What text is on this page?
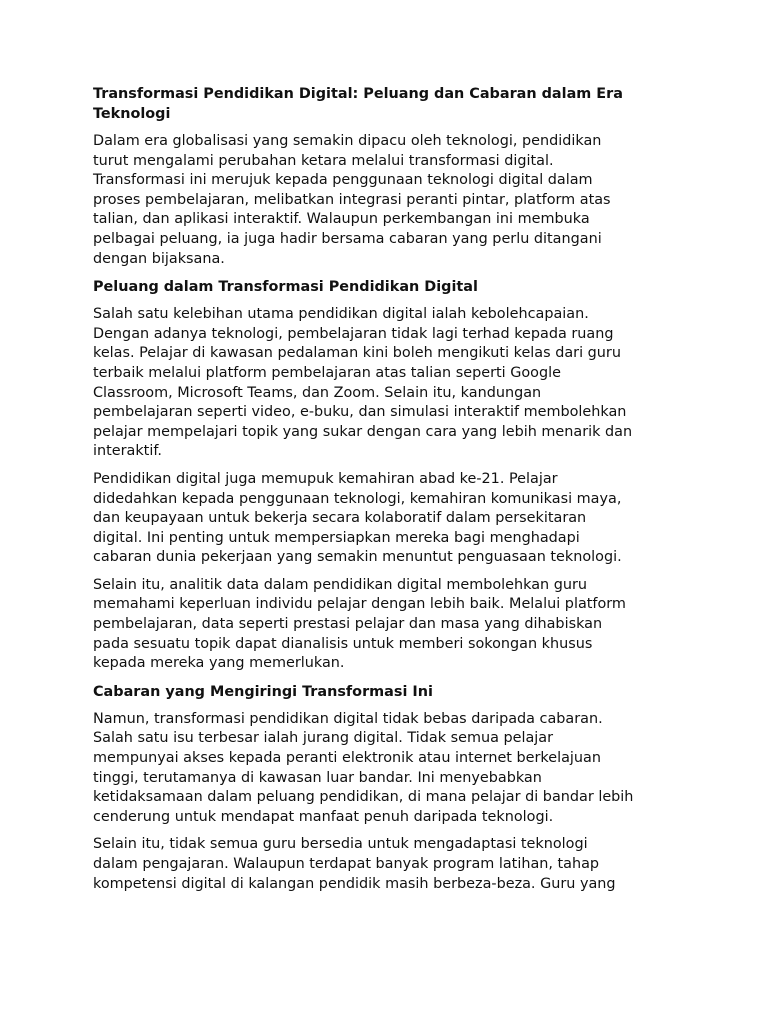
Transformasi Pendidikan Digital: Peluang dan Cabaran dalam Era
Teknologi
Dalam era globalisasi yang semakin dipacu oleh teknologi, pendidikan
turut mengalami perubahan ketara melalui transformasi digital.
Transformasi ini merujuk kepada penggunaan teknologi digital dalam
proses pembelajaran, melibatkan integrasi peranti pintar, platform atas
talian, dan aplikasi interaktif. Walaupun perkembangan ini membuka
pelbagai peluang, ia juga hadir bersama cabaran yang perlu ditangani
dengan bijaksana.
Peluang dalam Transformasi Pendidikan Digital
Salah satu kelebihan utama pendidikan digital ialah kebolehcapaian.
Dengan adanya teknologi, pembelajaran tidak lagi terhad kepada ruang
kelas. Pelajar di kawasan pedalaman kini boleh mengikuti kelas dari guru
terbaik melalui platform pembelajaran atas talian seperti Google
Classroom, Microsoft Teams, dan Zoom. Selain itu, kandungan
pembelajaran seperti video, e-buku, dan simulasi interaktif membolehkan
pelajar mempelajari topik yang sukar dengan cara yang lebih menarik dan
interaktif.
Pendidikan digital juga memupuk kemahiran abad ke-21. Pelajar
didedahkan kepada penggunaan teknologi, kemahiran komunikasi maya,
dan keupayaan untuk bekerja secara kolaboratif dalam persekitaran
digital. Ini penting untuk mempersiapkan mereka bagi menghadapi
cabaran dunia pekerjaan yang semakin menuntut penguasaan teknologi.
Selain itu, analitik data dalam pendidikan digital membolehkan guru
memahami keperluan individu pelajar dengan lebih baik. Melalui platform
pembelajaran, data seperti prestasi pelajar dan masa yang dihabiskan
pada sesuatu topik dapat dianalisis untuk memberi sokongan khusus
kepada mereka yang memerlukan.
Cabaran yang Mengiringi Transformasi Ini
Namun, transformasi pendidikan digital tidak bebas daripada cabaran.
Salah satu isu terbesar ialah jurang digital. Tidak semua pelajar
mempunyai akses kepada peranti elektronik atau internet berkelajuan
tinggi, terutamanya di kawasan luar bandar. Ini menyebabkan
ketidaksamaan dalam peluang pendidikan, di mana pelajar di bandar lebih
cenderung untuk mendapat manfaat penuh daripada teknologi.
Selain itu, tidak semua guru bersedia untuk mengadaptasi teknologi
dalam pengajaran. Walaupun terdapat banyak program latihan, tahap
kompetensi digital di kalangan pendidik masih berbeza-beza. Guru yang
